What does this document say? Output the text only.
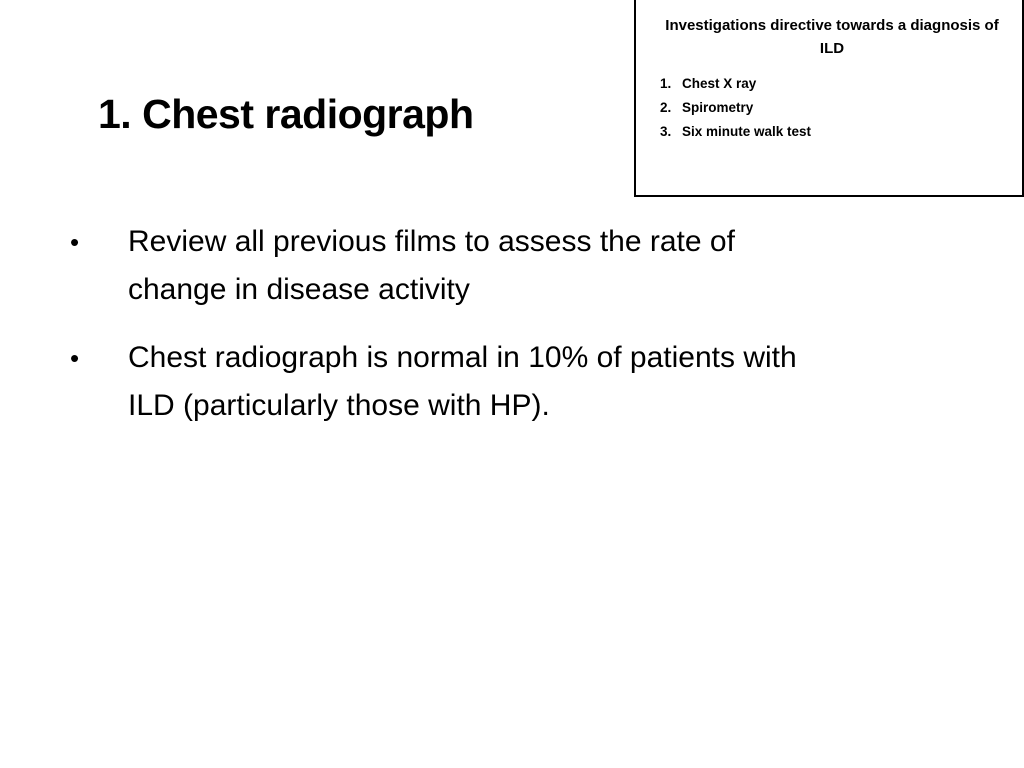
1. Chest radiograph
Investigations directive towards a diagnosis of ILD
1. Chest X ray
2. Spirometry
3. Six minute walk test
•	Review all previous films to assess the rate of change in disease activity
•	Chest radiograph is normal in 10% of patients with ILD (particularly those with HP).
